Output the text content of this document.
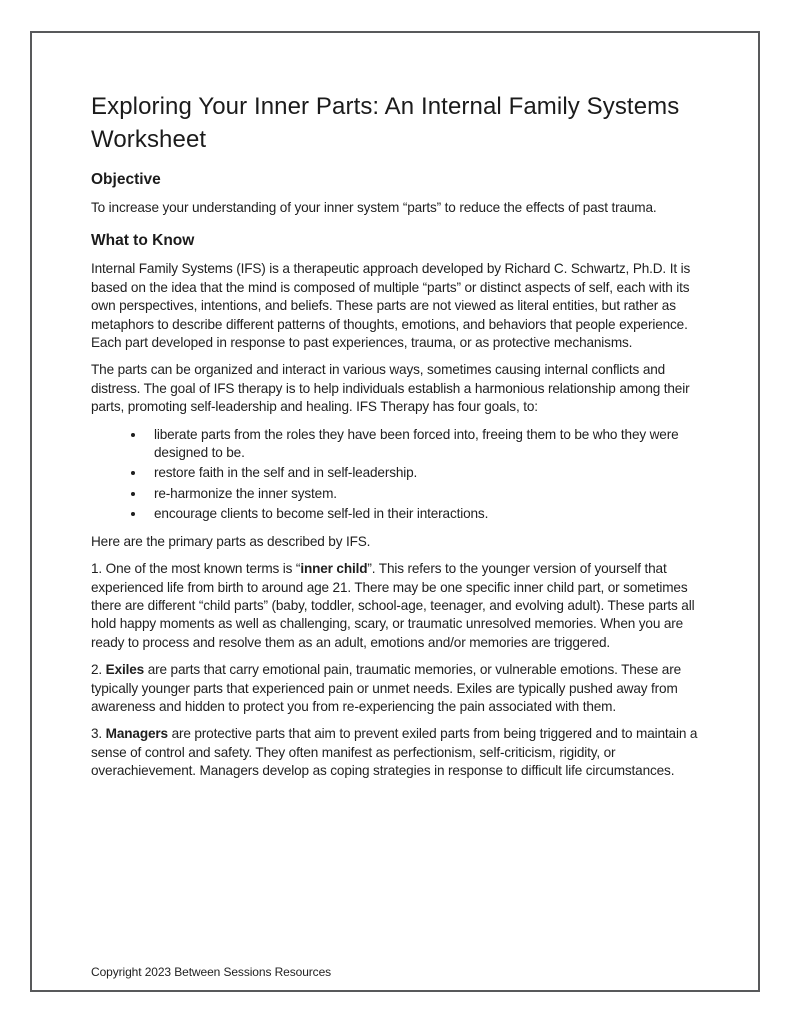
Exploring Your Inner Parts: An Internal Family Systems Worksheet
Objective

To increase your understanding of your inner system “parts” to reduce the effects of past trauma.

What to Know

Internal Family Systems (IFS) is a therapeutic approach developed by Richard C. Schwartz, Ph.D. It is based on the idea that the mind is composed of multiple “parts” or distinct aspects of self, each with its own perspectives, intentions, and beliefs. These parts are not viewed as literal entities, but rather as metaphors to describe different patterns of thoughts, emotions, and behaviors that people experience. Each part developed in response to past experiences, trauma, or as protective mechanisms.

The parts can be organized and interact in various ways, sometimes causing internal conflicts and distress. The goal of IFS therapy is to help individuals establish a harmonious relationship among their parts, promoting self-leadership and healing. IFS Therapy has four goals, to:

• liberate parts from the roles they have been forced into, freeing them to be who they were designed to be.
• restore faith in the self and in self-leadership.
• re-harmonize the inner system.
• encourage clients to become self-led in their interactions.

Here are the primary parts as described by IFS.

1. One of the most known terms is “inner child”. This refers to the younger version of yourself that experienced life from birth to around age 21. There may be one specific inner child part, or sometimes there are different “child parts” (baby, toddler, school-age, teenager, and evolving adult). These parts all hold happy moments as well as challenging, scary, or traumatic unresolved memories. When you are ready to process and resolve them as an adult, emotions and/or memories are triggered.

2. Exiles are parts that carry emotional pain, traumatic memories, or vulnerable emotions. These are typically younger parts that experienced pain or unmet needs. Exiles are typically pushed away from awareness and hidden to protect you from re-experiencing the pain associated with them.

3. Managers are protective parts that aim to prevent exiled parts from being triggered and to maintain a sense of control and safety. They often manifest as perfectionism, self-criticism, rigidity, or overachievement. Managers develop as coping strategies in response to difficult life circumstances.

Copyright 2023 Between Sessions Resources
